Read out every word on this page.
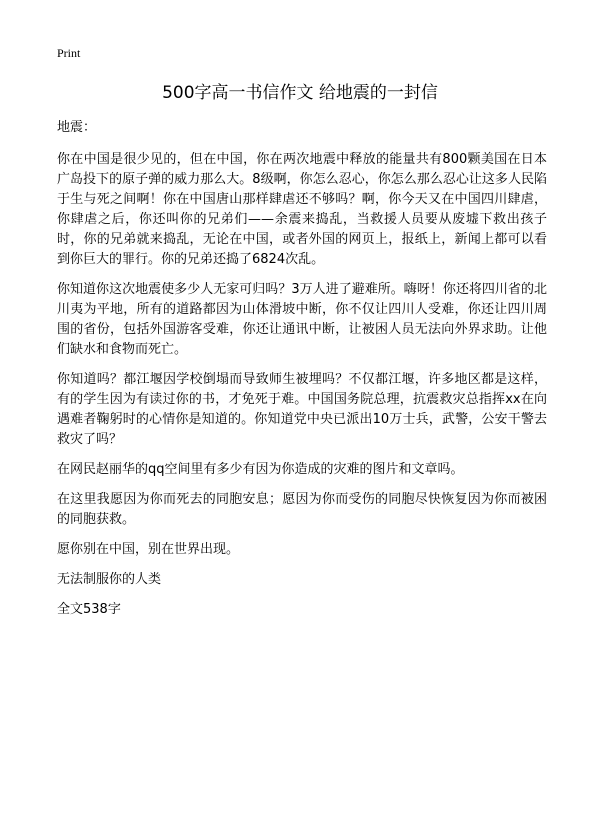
Print
500字高一书信作文 给地震的一封信

地震：

你在中国是很少见的，但在中国，你在两次地震中释放的能量共有800颗美国在日本广岛投下的原子弹的威力那么大。8级啊，你怎么忍心，你怎么那么忍心让这多人民陷于生与死之间啊！你在中国唐山那样肆虐还不够吗？啊，你今天又在中国四川肆虐，你肆虐之后，你还叫你的兄弟们——余震来捣乱，当救援人员要从废墟下救出孩子时，你的兄弟就来捣乱，无论在中国，或者外国的网页上，报纸上，新闻上都可以看到你巨大的罪行。你的兄弟还捣了6824次乱。

你知道你这次地震使多少人无家可归吗？3万人进了避难所。嗨呀！你还将四川省的北川夷为平地，所有的道路都因为山体滑坡中断，你不仅让四川人受难，你还让四川周围的省份，包括外国游客受难，你还让通讯中断，让被困人员无法向外界求助。让他们缺水和食物而死亡。

你知道吗？都江堰因学校倒塌而导致师生被埋吗？不仅都江堰，许多地区都是这样，有的学生因为有读过你的书，才免死于难。中国国务院总理，抗震救灾总指挥xx在向遇难者鞠躬时的心情你是知道的。你知道党中央已派出10万士兵，武警，公安干警去救灾了吗？

在网民赵丽华的qq空间里有多少有因为你造成的灾难的图片和文章吗。

在这里我愿因为你而死去的同胞安息；愿因为你而受伤的同胞尽快恢复因为你而被困的同胞获救。

愿你别在中国，别在世界出现。

无法制服你的人类

全文538字
